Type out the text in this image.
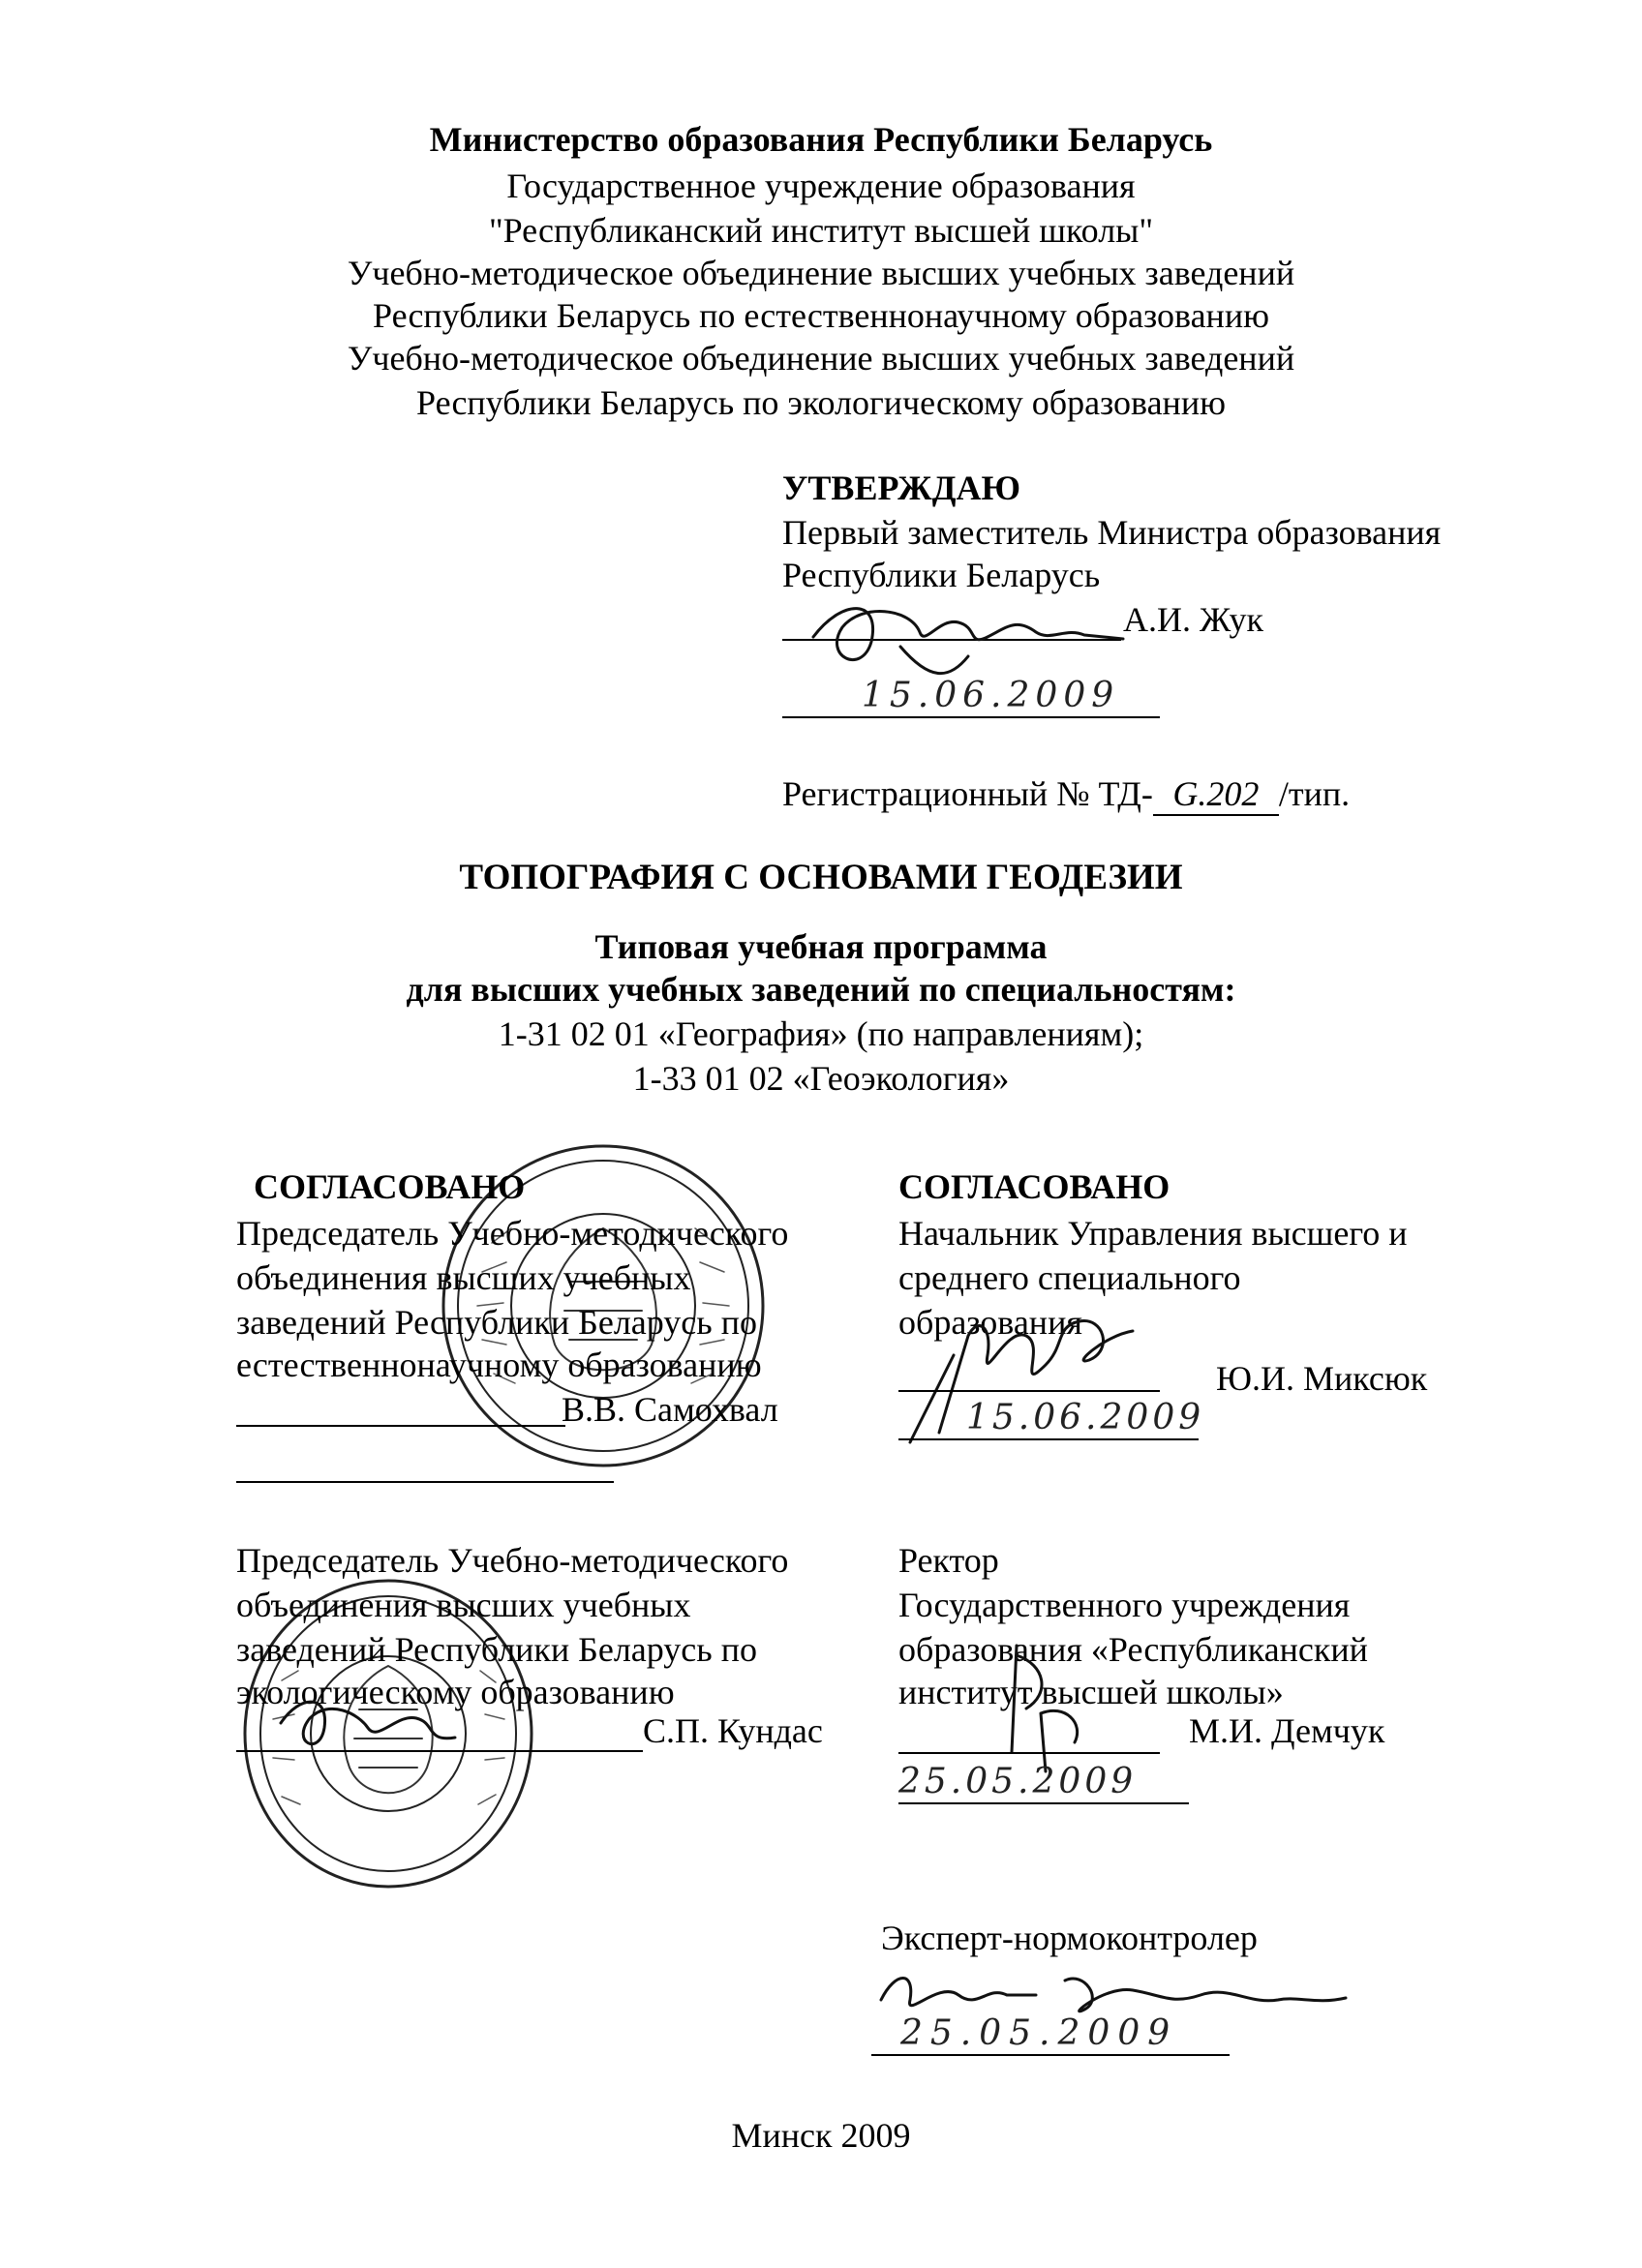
Министерство образования Республики Беларусь
Государственное учреждение образования
"Республиканский институт высшей школы"
Учебно-методическое объединение высших учебных заведений
Республики Беларусь по естественнонаучному образованию
Учебно-методическое объединение высших учебных заведений
Республики Беларусь по экологическому образованию
УТВЕРЖДАЮ
Первый заместитель Министра образования
Республики Беларусь
А.И. Жук
15.06.2009
Регистрационный № ТД- G.202 /тип.
ТОПОГРАФИЯ С ОСНОВАМИ ГЕОДЕЗИИ
Типовая учебная программа
для высших учебных заведений по специальностям:
1-31 02 01 «География» (по направлениям);
1-33 01 02 «Геоэкология»
СОГЛАСОВАНО
Председатель Учебно-методического
объединения высших учебных
заведений Республики Беларусь по
естественнонаучному образованию
В.В. Самохвал
СОГЛАСОВАНО
Начальник Управления высшего и
среднего специального
образования
Ю.И. Миксюк
15.06.2009
Председатель Учебно-методического
объединения высших учебных
заведений Республики Беларусь по
экологическому образованию
С.П. Кундас
Ректор
Государственного учреждения
образования «Республиканский
институт высшей школы»
М.И. Демчук
25.05.2009
Эксперт-нормоконтролер
25.05.2009
Минск 2009
